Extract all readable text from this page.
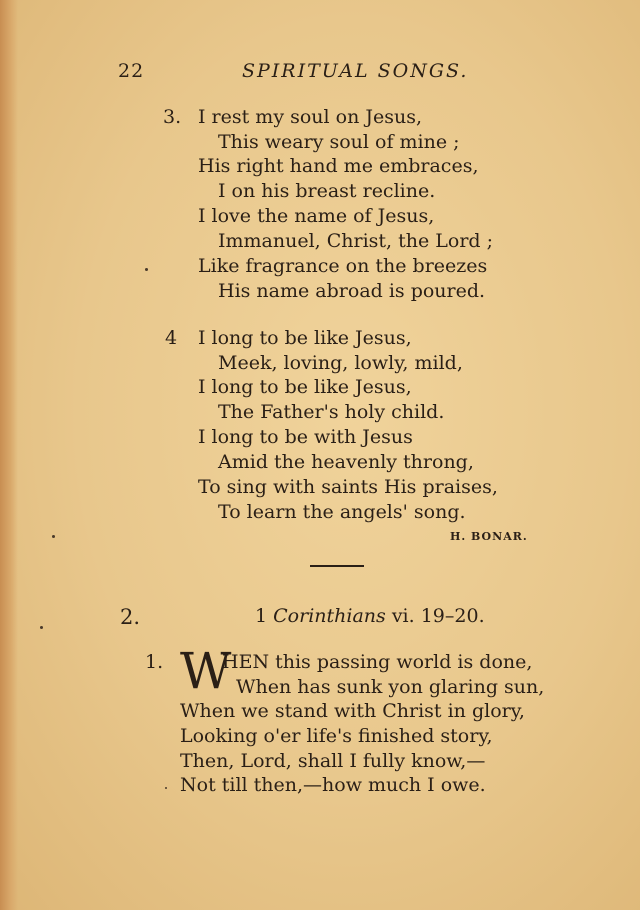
22	SPIRITUAL SONGS.
3. I rest my soul on Jesus,
This weary soul of mine ;
His right hand me embraces,
I on his breast recline.
I love the name of Jesus,
Immanuel, Christ, the Lord ;
Like fragrance on the breezes
His name abroad is poured.
4 I long to be like Jesus,
Meek, loving, lowly, mild,
I long to be like Jesus,
The Father's holy child.
I long to be with Jesus
Amid the heavenly throng,
To sing with saints His praises,
To learn the angels' song.
H. BONAR.
2.	1 Corinthians vi. 19–20.
1. W
HEN this passing world is done,
When has sunk yon glaring sun,
When we stand with Christ in glory,
Looking o'er life's finished story,
Then, Lord, shall I fully know,—
Not till then,—how much I owe.
